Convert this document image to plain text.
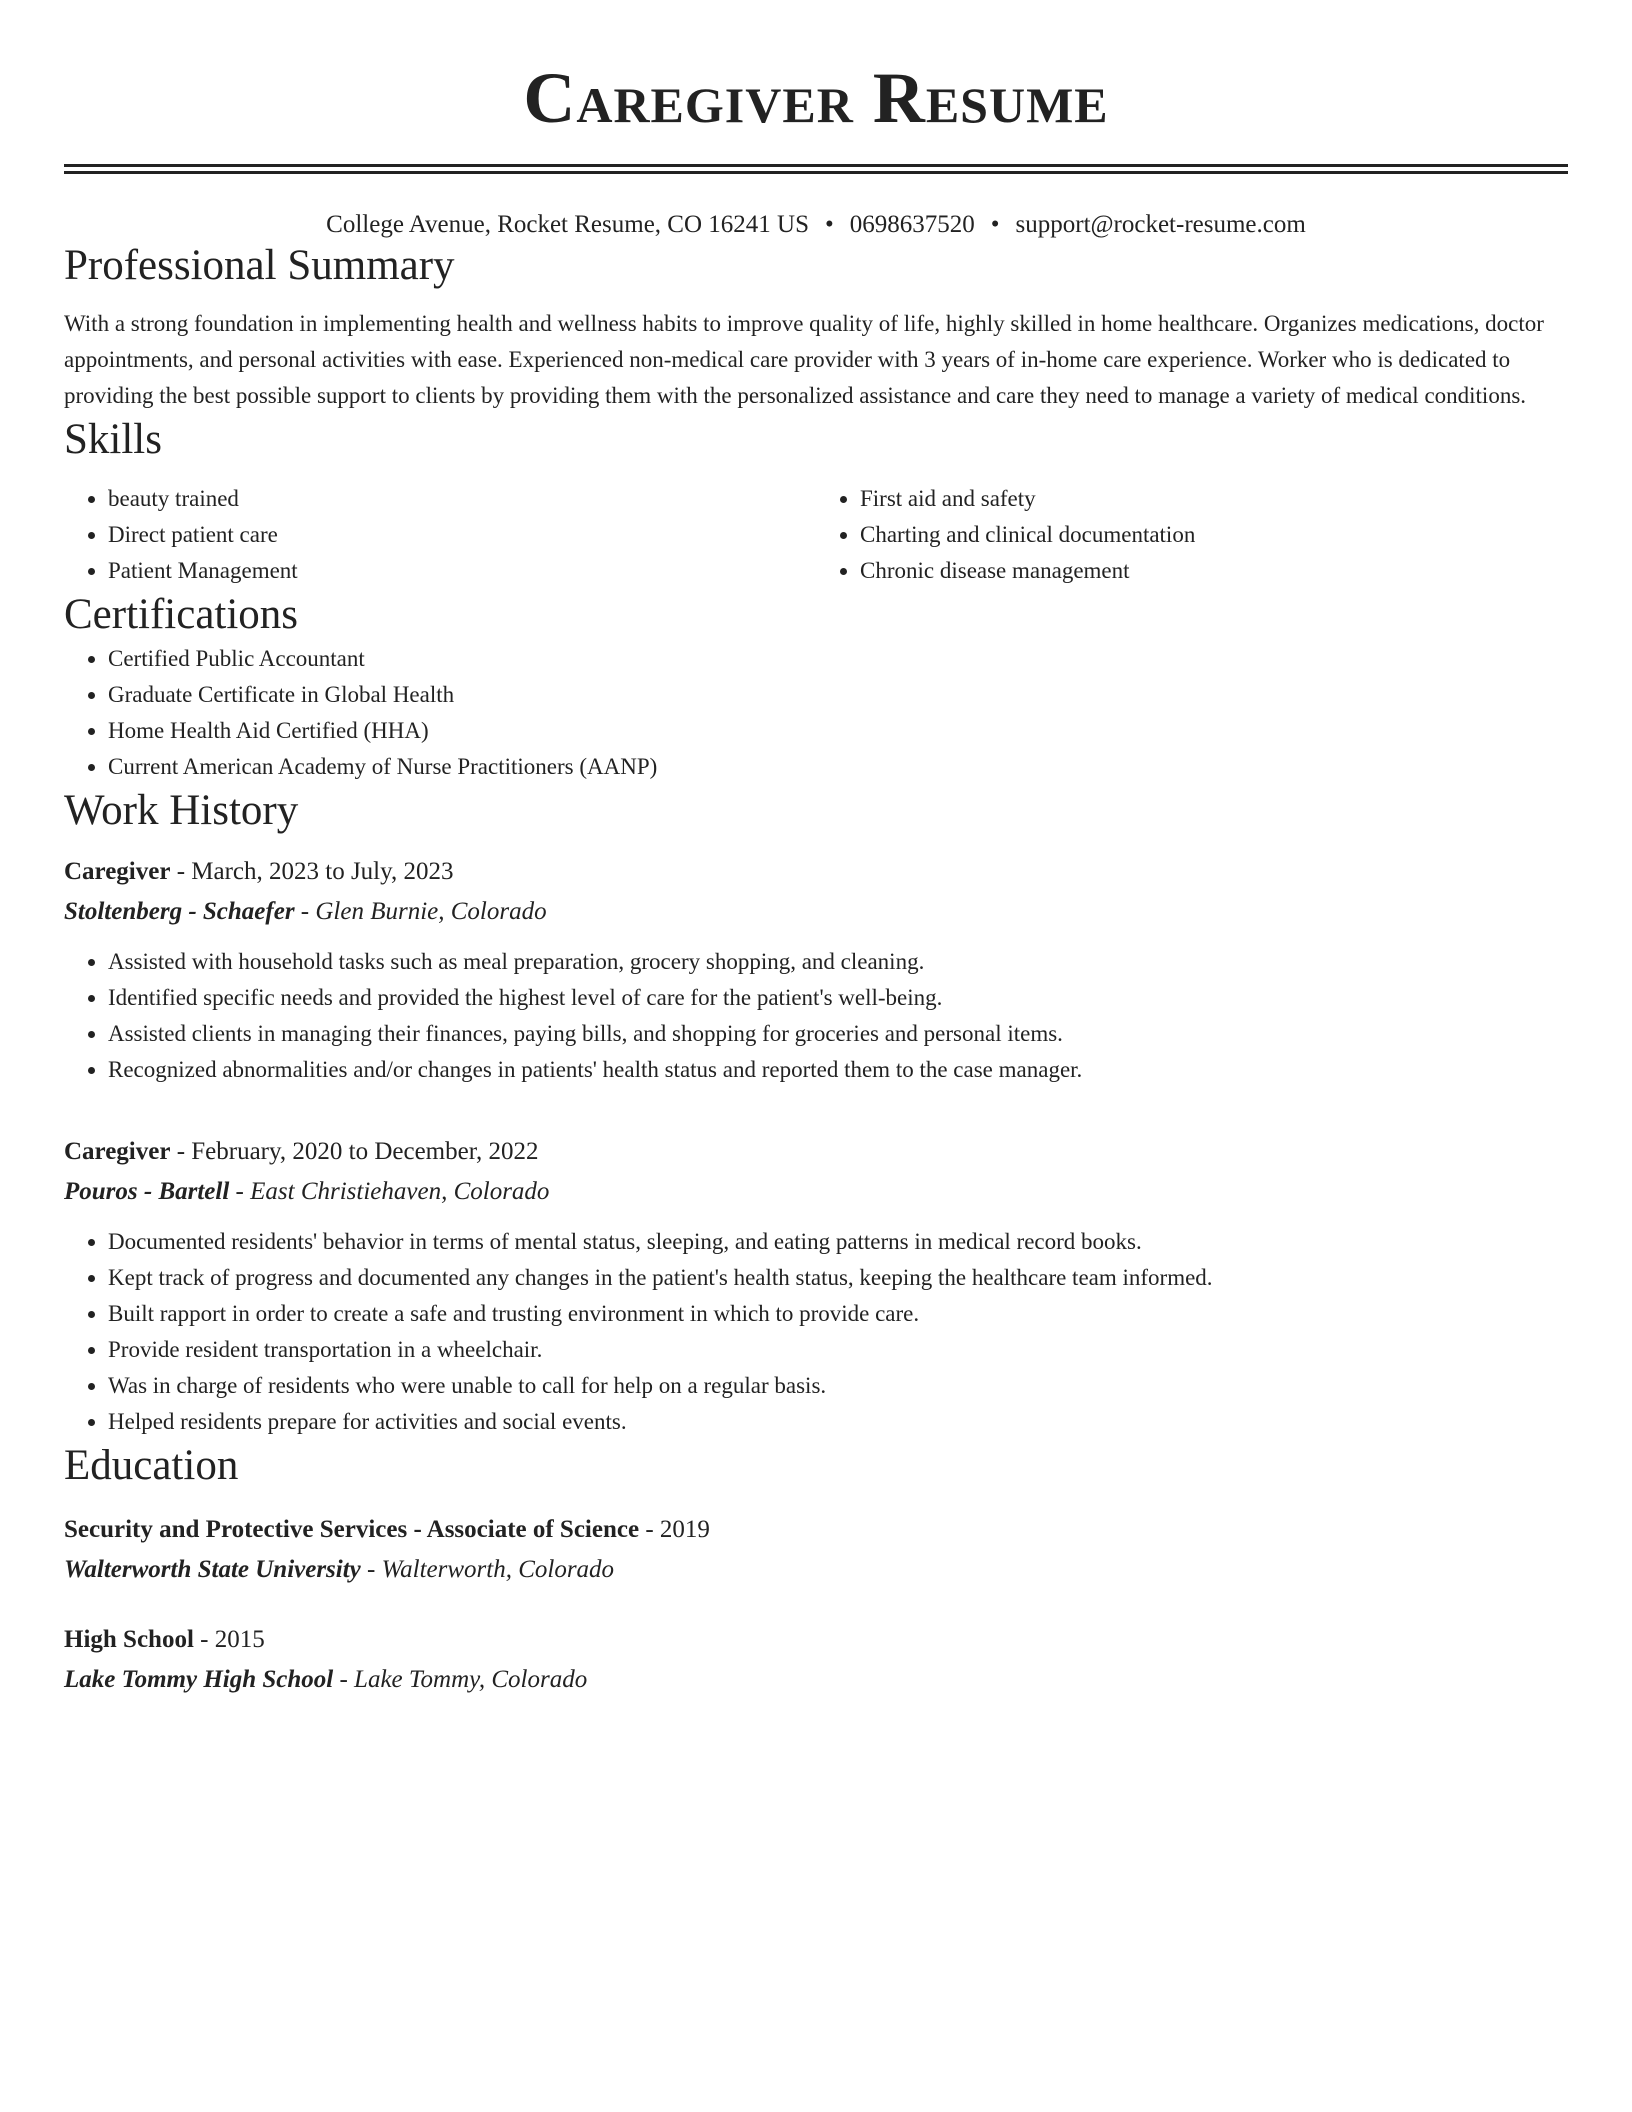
Caregiver Resume
College Avenue, Rocket Resume, CO 16241 US • 0698637520 • support@rocket-resume.com
Professional Summary

With a strong foundation in implementing health and wellness habits to improve quality of life, highly skilled in home healthcare. Organizes medications, doctor appointments, and personal activities with ease. Experienced non-medical care provider with 3 years of in-home care experience. Worker who is dedicated to providing the best possible support to clients by providing them with the personalized assistance and care they need to manage a variety of medical conditions.

Skills
• beauty trained
• Direct patient care
• Patient Management
• First aid and safety
• Charting and clinical documentation
• Chronic disease management
Certifications
• Certified Public Accountant
• Graduate Certificate in Global Health
• Home Health Aid Certified (HHA)
• Current American Academy of Nurse Practitioners (AANP)
Work History
Caregiver - March, 2023 to July, 2023
Stoltenberg - Schaefer - Glen Burnie, Colorado
• Assisted with household tasks such as meal preparation, grocery shopping, and cleaning.
• Identified specific needs and provided the highest level of care for the patient's well-being.
• Assisted clients in managing their finances, paying bills, and shopping for groceries and personal items.
• Recognized abnormalities and/or changes in patients' health status and reported them to the case manager.
Caregiver - February, 2020 to December, 2022
Pouros - Bartell - East Christiehaven, Colorado
• Documented residents' behavior in terms of mental status, sleeping, and eating patterns in medical record books.
• Kept track of progress and documented any changes in the patient's health status, keeping the healthcare team informed.
• Built rapport in order to create a safe and trusting environment in which to provide care.
• Provide resident transportation in a wheelchair.
• Was in charge of residents who were unable to call for help on a regular basis.
• Helped residents prepare for activities and social events.
Education
Security and Protective Services - Associate of Science - 2019
Walterworth State University - Walterworth, Colorado
High School - 2015
Lake Tommy High School - Lake Tommy, Colorado
